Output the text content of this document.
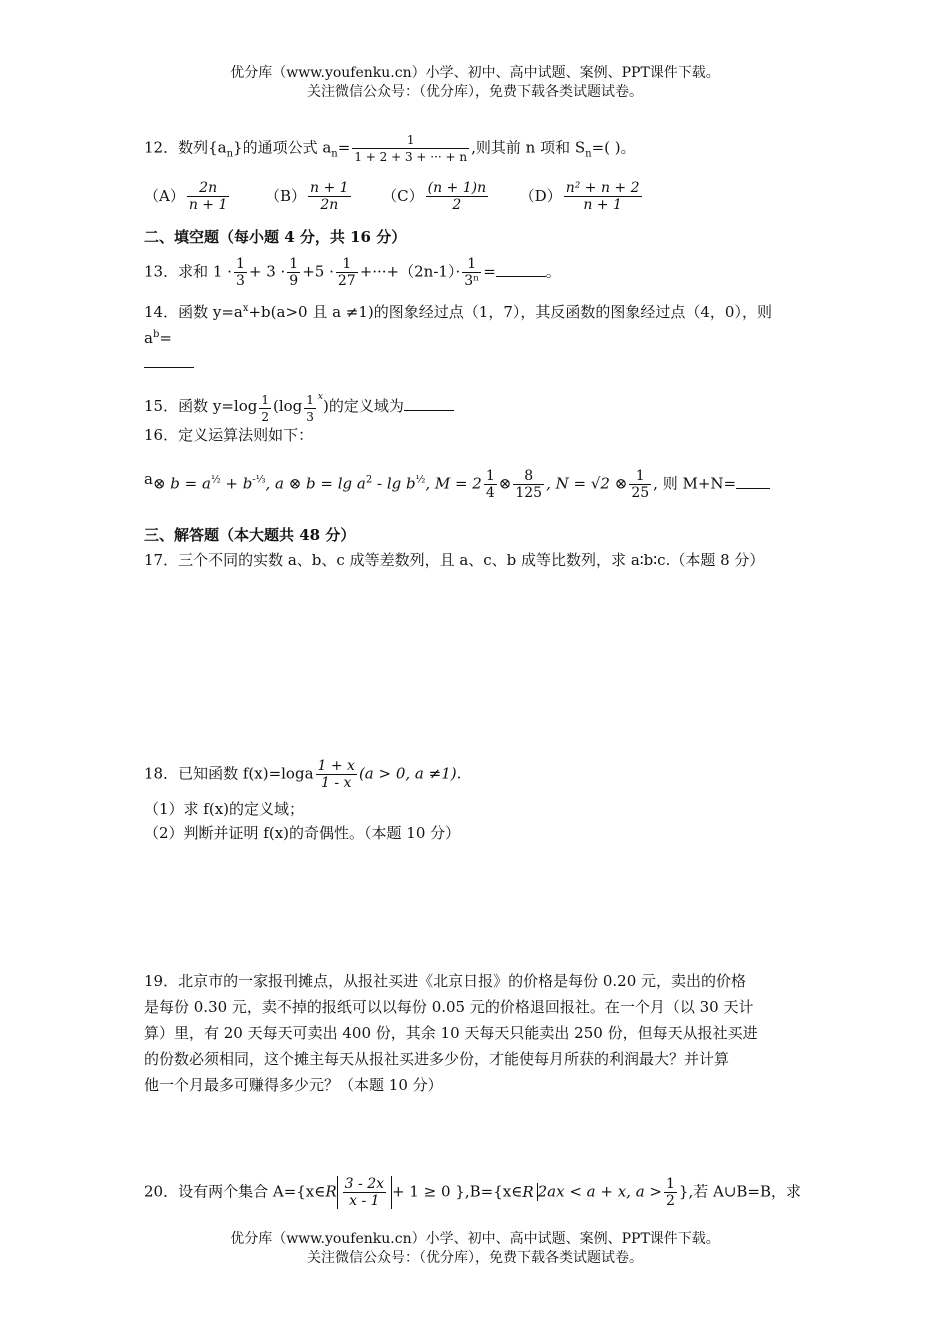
优分库（www.youfenku.cn）小学、初中、高中试题、案例、PPT课件下载。
关注微信公众号：（优分库），免费下载各类试题试卷。
12．数列$\{a_n\}$的通项公式 $a_n= \frac{1}{1 + 2 + 3 + \cdot\cdot\cdot + n}$ ,则其前 n 项和 $S_n=$( )。
$(A) \frac{2n}{n + 1} (B) \frac{n + 1}{2n} (C) \frac{(n + 1)n}{2} (D) \frac{\text{n² + n + 2}}{n + 1}$
二、填空题（每小题 4 分，共 16 分）
13．求和 $1 \cdot \frac{1}{3} + 3 \cdot \frac{1}{9} +5 \cdot \frac{1}{27} +\cdot\cdot\cdot+(2n-1)\cdot \frac{1}{\text{3ⁿ}}$ =	。
14．函数 $y=a^x+b(a>0$ 且 a ≠1)的图象经过点（1，7），其反函数的图象经过点（4，0），则
$a^b=$
15．函数 $y=\log \frac{1}{2} (\log \frac{1}{3} ^x)$的定义域为
16．定义运算法则如下：
a⊗ $b = a^{\frac{1}{2}} + b^{-\frac{1}{3}}$, a ⊗ $b = \lg a^2 - \lg b^{\frac{1}{2}}$, $M = 2 \frac{1}{4}$ ⊗ $\frac{8}{125}$ , N = √2 ⊗ $\frac{1}{25}$ , 则 M+N=
三、解答题（本大题共 48 分）
17．三个不同的实数 a、b、c 成等差数列，且 a、c、b 成等比数列，求 a∶b∶c.（本题 8 分）
18．已知函数 $f(x)=\log a \frac{1 + x}{1 - x} (a > 0$, a ≠1).
（1）求 f(x)的定义域；
（2）判断并证明 f(x)的奇偶性。（本题 10 分）
19．北京市的一家报刊摊点，从报社买进《北京日报》的价格是每份 0.20 元，卖出的价格
是每份 0.30 元，卖不掉的报纸可以以每份 0.05 元的价格退回报社。在一个月（以 30 天计
算）里，有 20 天每天可卖出 400 份，其余 10 天每天只能卖出 250 份，但每天从报社买进
的份数必须相同，这个摊主每天从报社买进多少份，才能使每月所获的利润最大？并计算
他一个月最多可赚得多少元？（本题 10 分）
20．设有两个集合 A={x∈R $\frac{3 - 2x}{x - 1} + 1 \ge 0$ },B={x∈R 2ax < a + x, $a > \frac{1}{2}$ },若 A∪B=B，求
优分库（www.youfenku.cn）小学、初中、高中试题、案例、PPT课件下载。
关注微信公众号：（优分库），免费下载各类试题试卷。
